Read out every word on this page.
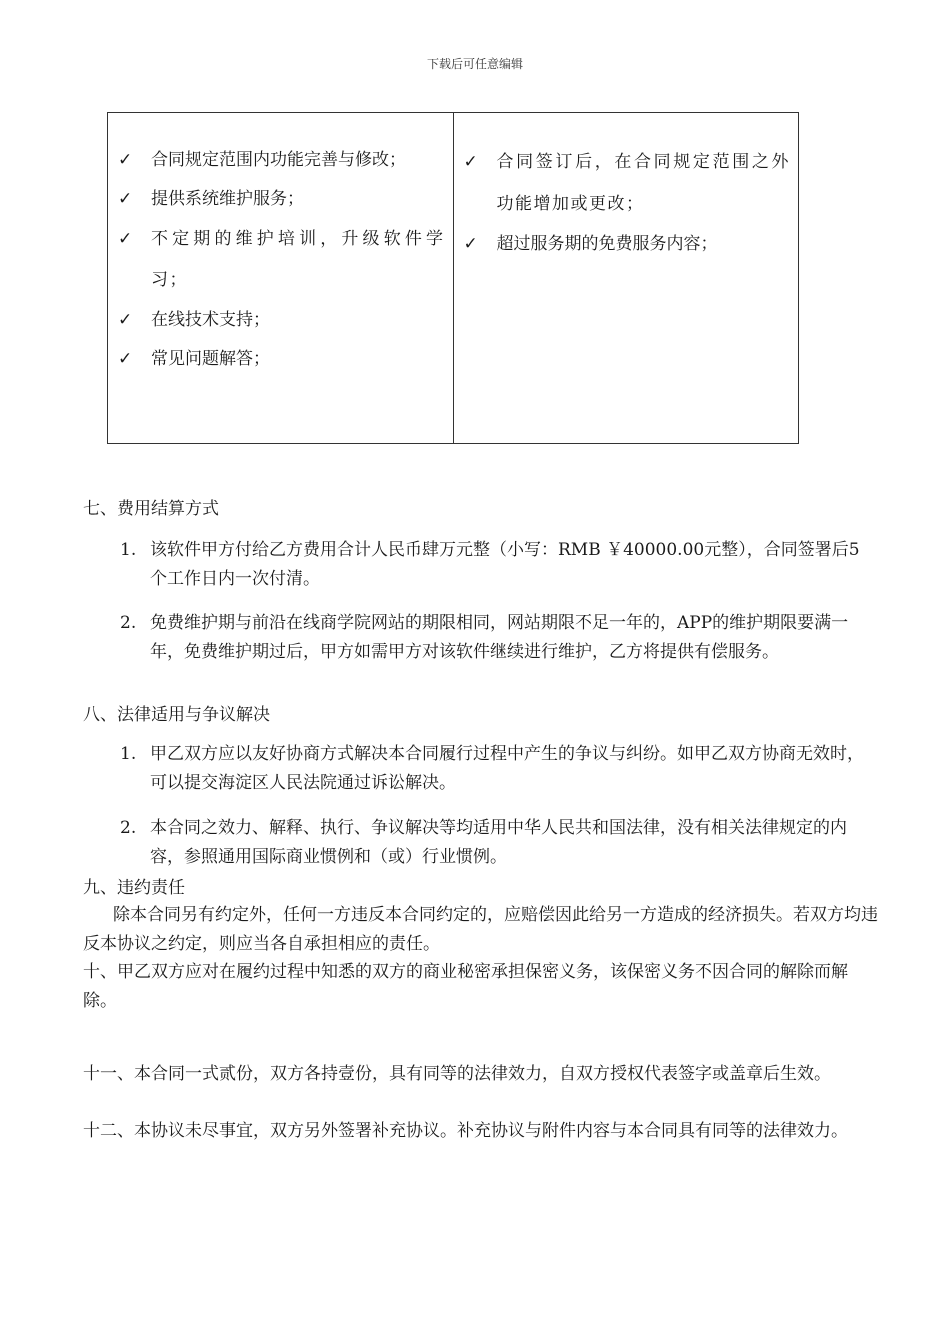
下载后可任意编辑

✓ 合同规定范围内功能完善与修改；

✓ 提供系统维护服务；

✓ 不定期的维护培训，升级软件学习；

✓ 在线技术支持；

✓ 常见问题解答；

✓ 合同签订后，在合同规定范围之外功能增加或更改；

✓ 超过服务期的免费服务内容；

七、费用结算方式

1. 该软件甲方付给乙方费用合计人民币肆万元整（小写：RMB ￥40000.00元整），合同签署后5个工作日内一次付清。
2. 免费维护期与前沿在线商学院网站的期限相同，网站期限不足一年的，APP的维护期限要满一年，免费维护期过后，甲方如需甲方对该软件继续进行维护，乙方将提供有偿服务。

八、法律适用与争议解决

1. 甲乙双方应以友好协商方式解决本合同履行过程中产生的争议与纠纷。如甲乙双方协商无效时，可以提交海淀区人民法院通过诉讼解决。
2. 本合同之效力、解释、执行、争议解决等均适用中华人民共和国法律，没有相关法律规定的内容，参照通用国际商业惯例和（或）行业惯例。

九、违约责任

除本合同另有约定外，任何一方违反本合同约定的，应赔偿因此给另一方造成的经济损失。若双方均违反本协议之约定，则应当各自承担相应的责任。
十、甲乙双方应对在履约过程中知悉的双方的商业秘密承担保密义务，该保密义务不因合同的解除而解除。
十一、本合同一式贰份，双方各持壹份，具有同等的法律效力，自双方授权代表签字或盖章后生效。
十二、本协议未尽事宜，双方另外签署补充协议。补充协议与附件内容与本合同具有同等的法律效力。
